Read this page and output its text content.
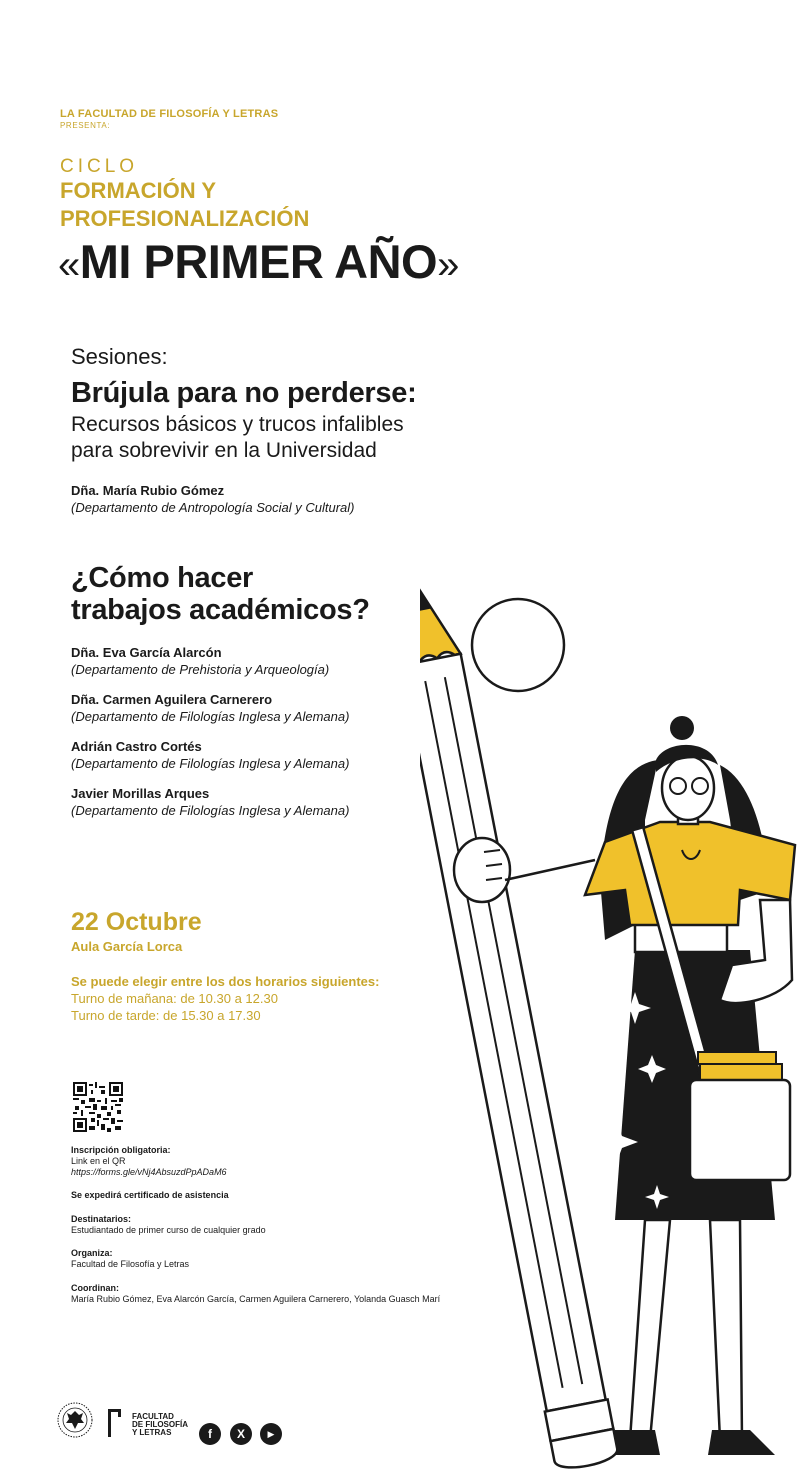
LA FACULTAD DE FILOSOFÍA Y LETRAS
PRESENTA:
CICLO
FORMACIÓN Y
PROFESIONALIZACIÓN
«MI PRIMER AÑO»
Sesiones:
Brújula para no perderse:
Recursos básicos y trucos infalibles
para sobrevivir en la Universidad
Dña. María Rubio Gómez
(Departamento de Antropología Social y Cultural)
¿Cómo hacer
trabajos académicos?
Dña. Eva García Alarcón
(Departamento de Prehistoria y Arqueología)
Dña. Carmen Aguilera Carnerero
(Departamento de Filologías Inglesa y Alemana)
Adrián Castro Cortés
(Departamento de Filologías Inglesa y Alemana)
Javier Morillas Arques
(Departamento de Filologías Inglesa y Alemana)
22 Octubre
Aula García Lorca
Se puede elegir entre los dos horarios siguientes:
Turno de mañana: de 10.30 a 12.30
Turno de tarde: de 15.30 a 17.30
Inscripción obligatoria:
Link en el QR
https://forms.gle/vNj4AbsuzdPpADaM6
Se expedirá certificado de asistencia
Destinatarios:
Estudiantado de primer curso de cualquier grado
Organiza:
Facultad de Filosofía y Letras
Coordinan:
María Rubio Gómez, Eva Alarcón García, Carmen Aguilera Carnerero, Yolanda Guasch Marí
FACULTAD
DE FILOSOFÍA
Y LETRAS	f	X	▶
